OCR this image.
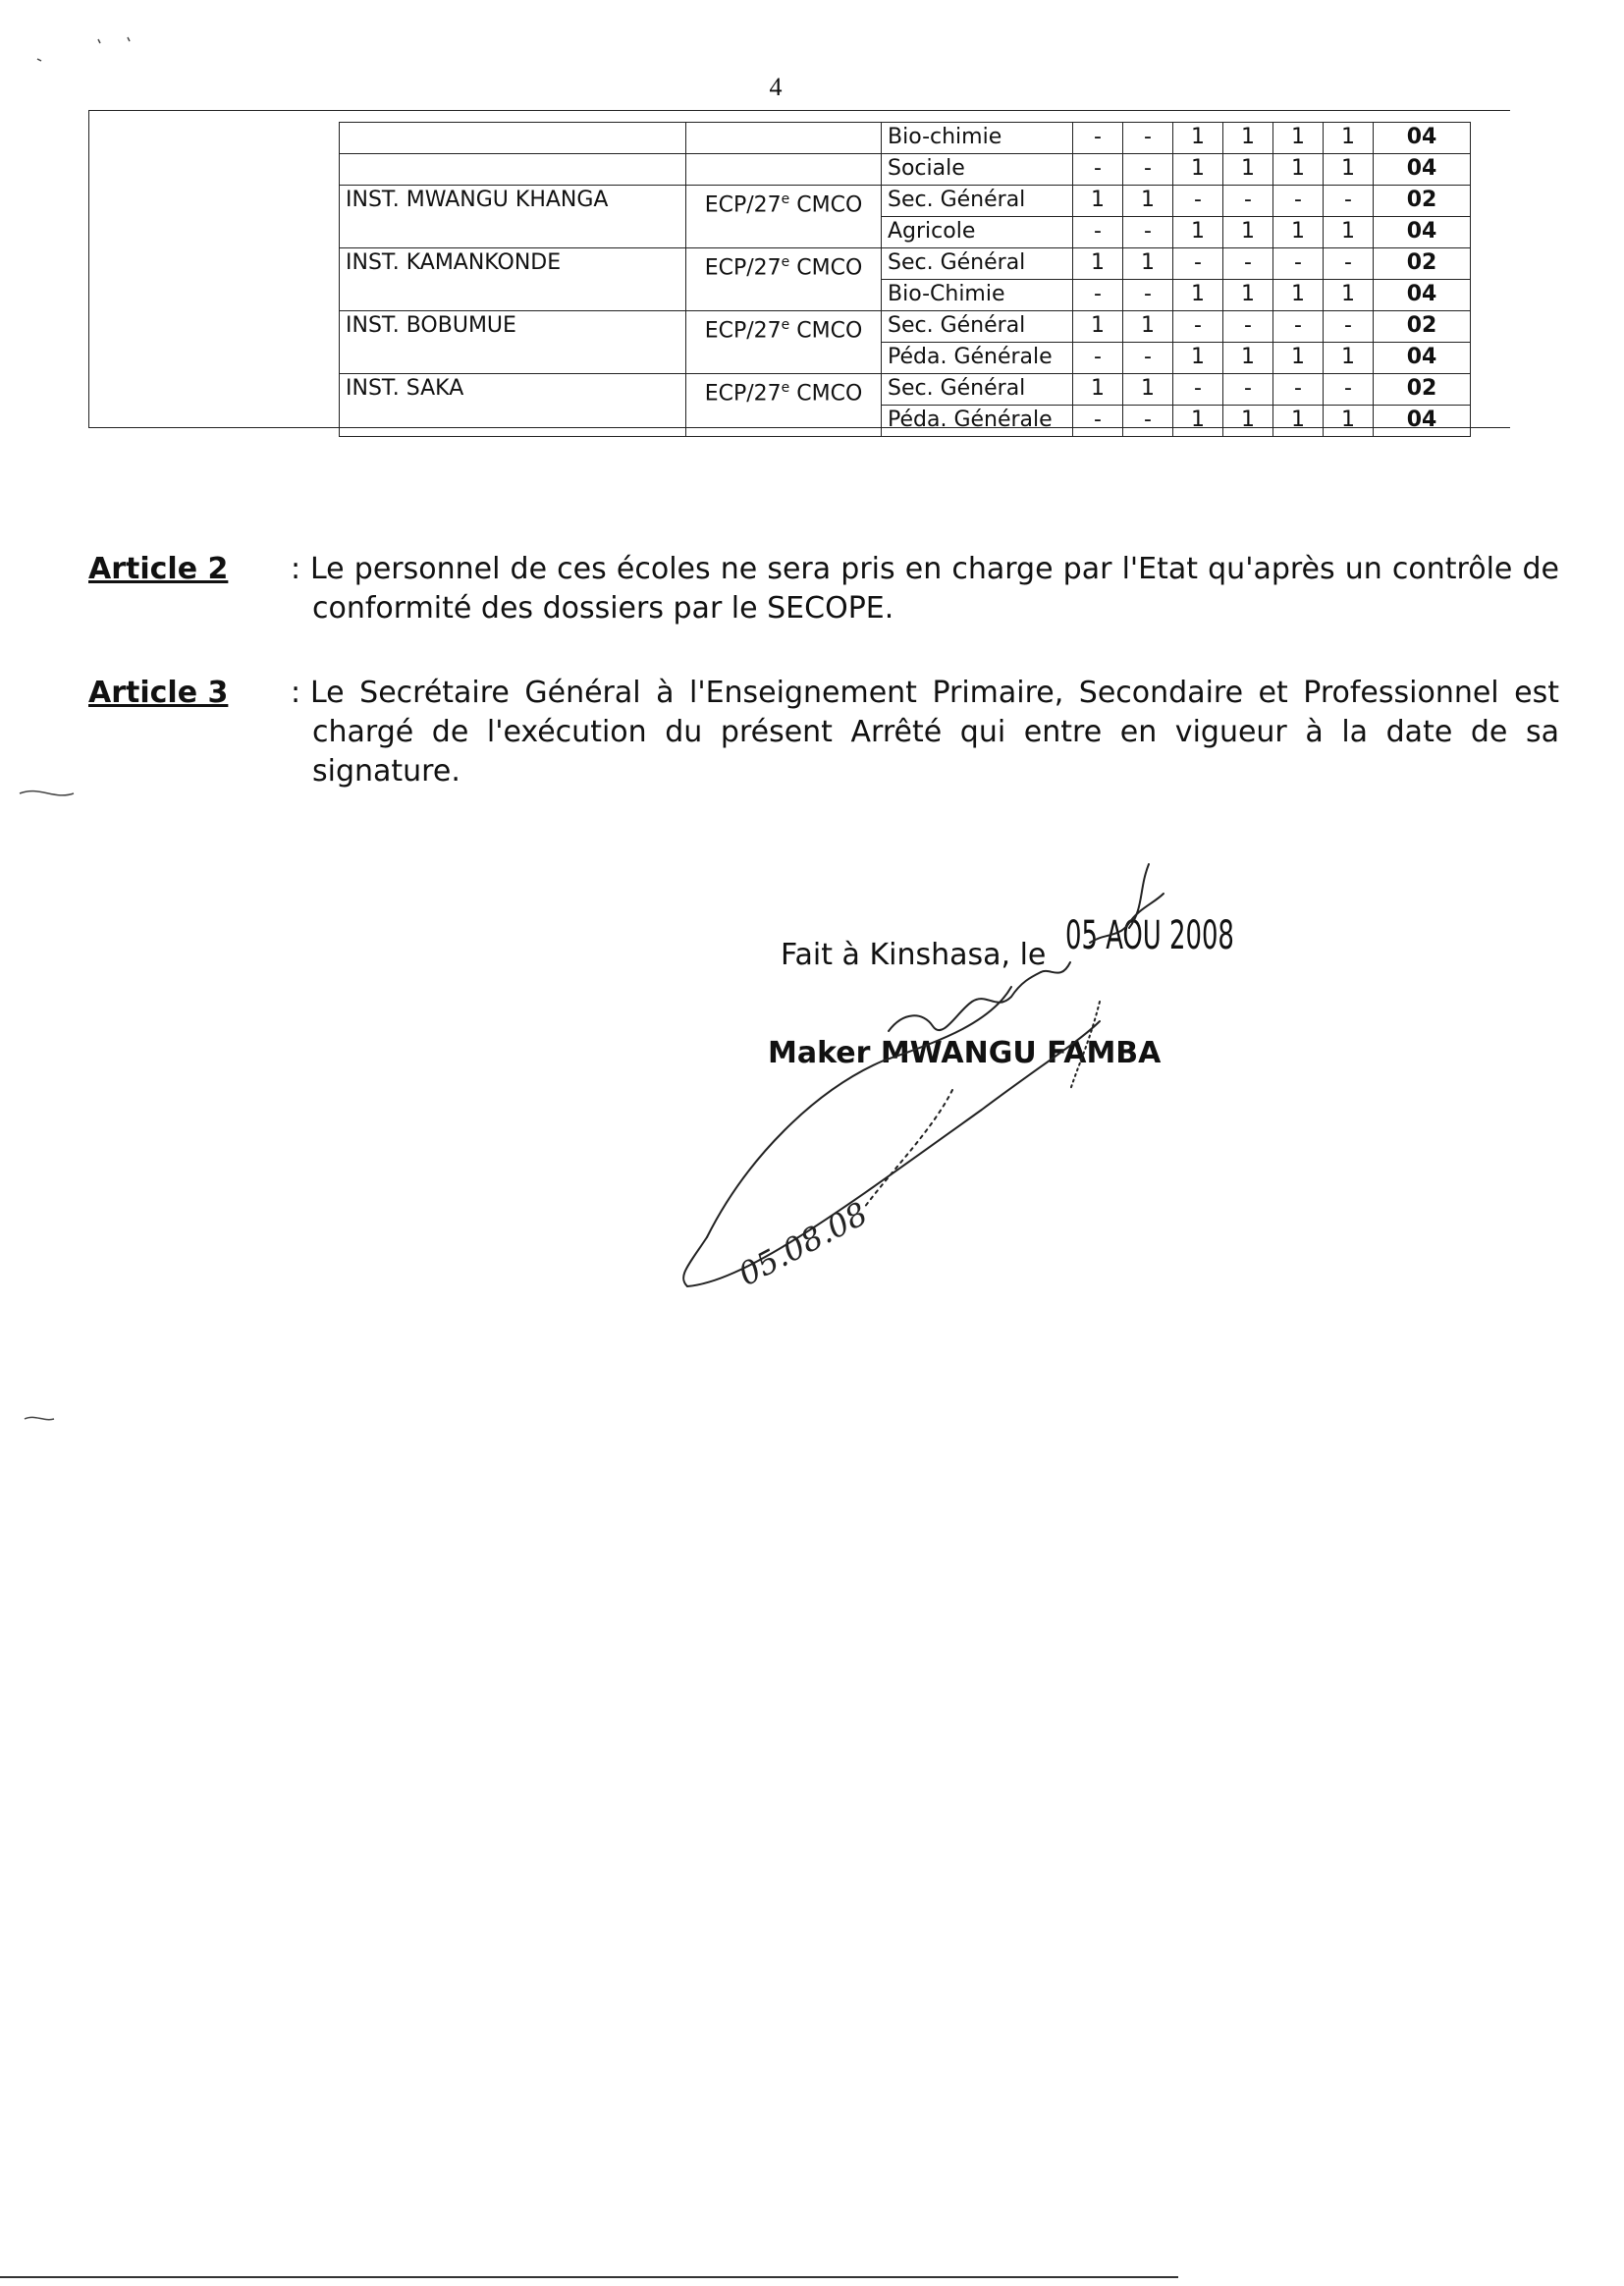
4
		Bio-chimie	-	-	1	1	1	1	04
		Sociale	-	-	1	1	1	1	04
INST. MWANGU KHANGA	ECP/27e CMCO	Sec. Général	1	1	-	-	-	-	02
		Agricole	-	-	1	1	1	1	04
INST. KAMANKONDE	ECP/27e CMCO	Sec. Général	1	1	-	-	-	-	02
		Bio-Chimie	-	-	1	1	1	1	04
INST. BOBUMUE	ECP/27e CMCO	Sec. Général	1	1	-	-	-	-	02
		Péda. Générale	-	-	1	1	1	1	04
INST. SAKA	ECP/27e CMCO	Sec. Général	1	1	-	-	-	-	02
		Péda. Générale	-	-	1	1	1	1	04
Article 2 : Le personnel de ces écoles ne sera pris en charge par l'Etat qu'après un contrôle de conformité des dossiers par le SECOPE.
Article 3 : Le Secrétaire Général à l'Enseignement Primaire, Secondaire et Professionnel est chargé de l'exécution du présent Arrêté qui entre en vigueur à la date de sa signature.
Fait à Kinshasa, le 05 AOU 2008
Maker MWANGU FAMBA
05.08.08
